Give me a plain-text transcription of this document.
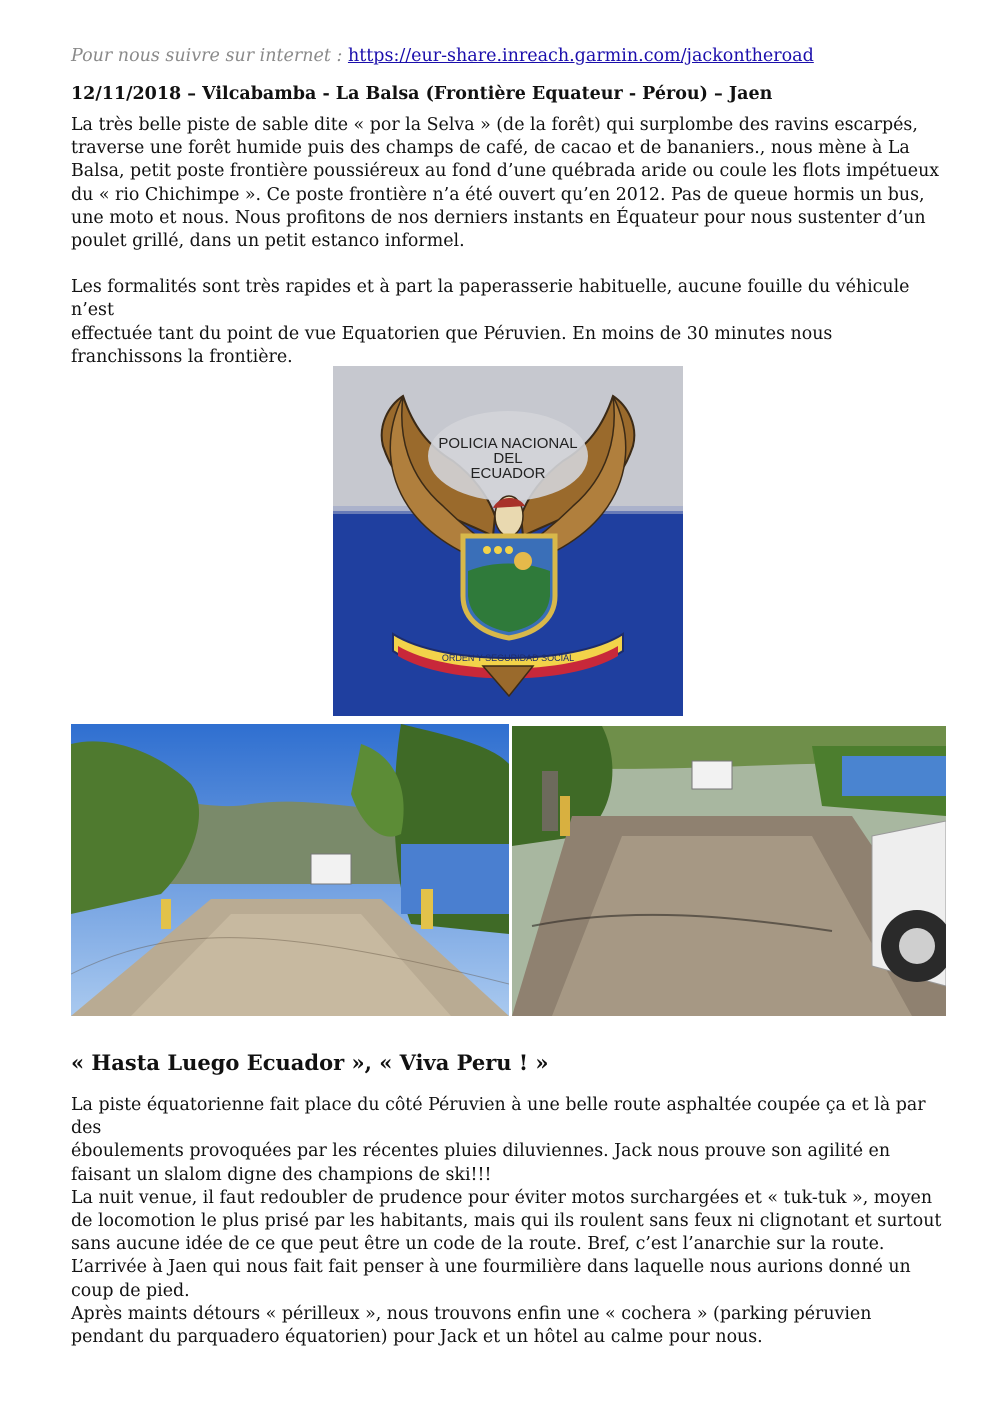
Pour nous suivre sur internet : https://eur-share.inreach.garmin.com/jackontheroad
12/11/2018 – Vilcabamba - La Balsa (Frontière Equateur - Pérou) – Jaen

La très belle piste de sable dite « por la Selva » (de la forêt) qui surplombe des ravins escarpés,
traverse une forêt humide puis des champs de café, de cacao et de bananiers., nous mène à La
Balsa, petit poste frontière poussiéreux au fond d’une québrada aride ou coule les flots impétueux
du « rio Chichimpe ». Ce poste frontière n’a été ouvert qu’en 2012. Pas de queue hormis un bus,
une moto et nous. Nous profitons de nos derniers instants en Équateur pour nous sustenter d’un
poulet grillé, dans un petit estanco informel.

Les formalités sont très rapides et à part la paperasserie habituelle, aucune fouille du véhicule n’est
effectuée tant du point de vue Equatorien que Péruvien. En moins de 30 minutes nous
franchissons la frontière.

POLICIA NACIONAL
DEL
ECUADOR
ORDEN Y SEGURIDAD SOCIAL
« Hasta Luego Ecuador », « Viva Peru ! »

La piste équatorienne fait place du côté Péruvien à une belle route asphaltée coupée ça et là par des
éboulements provoquées par les récentes pluies diluviennes. Jack nous prouve son agilité en
faisant un slalom digne des champions de ski!!!
La nuit venue, il faut redoubler de prudence pour éviter motos surchargées et « tuk-tuk », moyen
de locomotion le plus prisé par les habitants, mais qui ils roulent sans feux ni clignotant et surtout
sans aucune idée de ce que peut être un code de la route. Bref, c’est l’anarchie sur la route.
L’arrivée à Jaen qui nous fait fait penser à une fourmilière dans laquelle nous aurions donné un
coup de pied.
Après maints détours « périlleux », nous trouvons enfin une « cochera » (parking péruvien
pendant du parquadero équatorien) pour Jack et un hôtel au calme pour nous.
